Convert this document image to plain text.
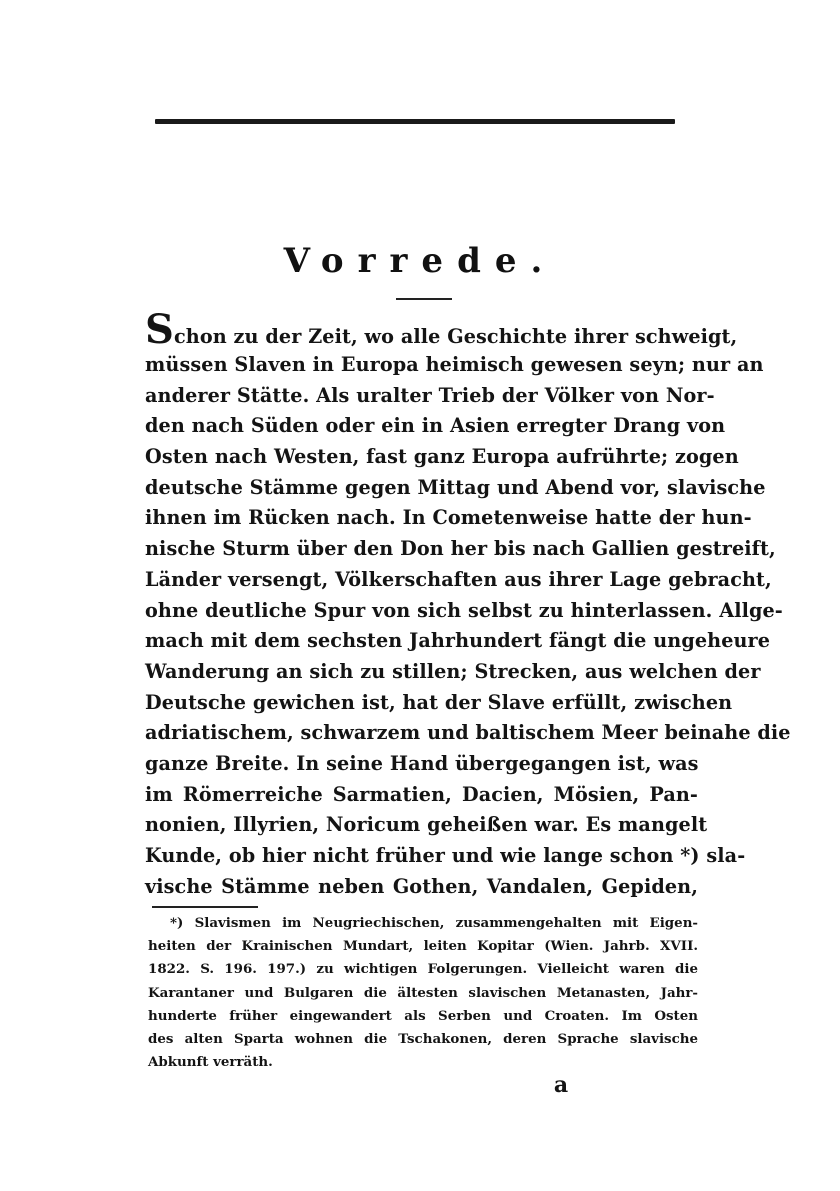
Vorrede.
Schon zu der Zeit, wo alle Geschichte ihrer schweigt,
müssen Slaven in Europa heimisch gewesen seyn; nur an
anderer Stätte. Als uralter Trieb der Völker von Nor-
den nach Süden oder ein in Asien erregter Drang von
Osten nach Westen, fast ganz Europa aufrührte; zogen
deutsche Stämme gegen Mittag und Abend vor, slavische
ihnen im Rücken nach. In Cometenweise hatte der hun-
nische Sturm über den Don her bis nach Gallien gestreift,
Länder versengt, Völkerschaften aus ihrer Lage gebracht,
ohne deutliche Spur von sich selbst zu hinterlassen. Allge-
mach mit dem sechsten Jahrhundert fängt die ungeheure
Wanderung an sich zu stillen; Strecken, aus welchen der
Deutsche gewichen ist, hat der Slave erfüllt, zwischen
adriatischem, schwarzem und baltischem Meer beinahe die
ganze Breite. In seine Hand übergegangen ist, was
im Römerreiche Sarmatien, Dacien, Mösien, Pan-
nonien, Illyrien, Noricum geheißen war. Es mangelt
Kunde, ob hier nicht früher und wie lange schon *) sla-
vische Stämme neben Gothen, Vandalen, Gepiden,
*) Slavismen im Neugriechischen, zusammengehalten mit Eigen-
heiten der Krainischen Mundart, leiten Kopitar (Wien. Jahrb. XVII.
1822. S. 196. 197.) zu wichtigen Folgerungen. Vielleicht waren die
Karantaner und Bulgaren die ältesten slavischen Metanasten, Jahr-
hunderte früher eingewandert als Serben und Croaten. Im Osten
des alten Sparta wohnen die Tschakonen, deren Sprache slavische
Abkunft verräth.
a
